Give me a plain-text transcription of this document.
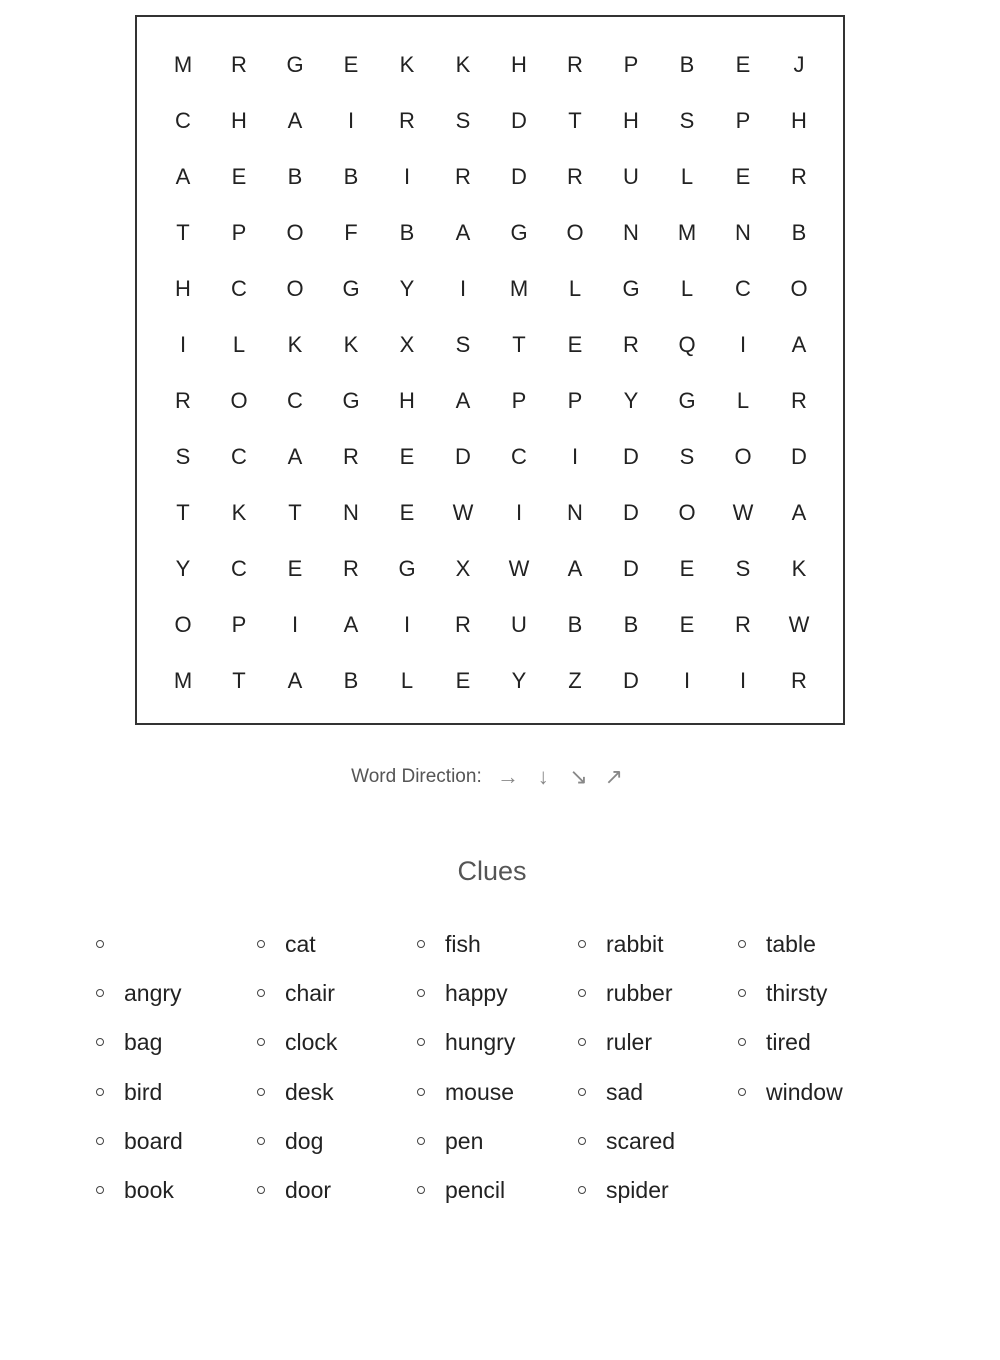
M	R	G	E	K	K	H	R	P	B	E	J
C	H	A	I	R	S	D	T	H	S	P	H
A	E	B	B	I	R	D	R	U	L	E	R
T	P	O	F	B	A	G	O	N	M	N	B
H	C	O	G	Y	I	M	L	G	L	C	O
I	L	K	K	X	S	T	E	R	Q	I	A
R	O	C	G	H	A	P	P	Y	G	L	R
S	C	A	R	E	D	C	I	D	S	O	D
T	K	T	N	E	W	I	N	D	O	W	A
Y	C	E	R	G	X	W	A	D	E	S	K
O	P	I	A	I	R	U	B	B	E	R	W
M	T	A	B	L	E	Y	Z	D	I	I	R
Word Direction: → ↓ ↘ ↗
Clues
angry
bag
bird
board
book
cat
chair
clock
desk
dog
door
fish
happy
hungry
mouse
pen
pencil
rabbit
rubber
ruler
sad
scared
spider
table
thirsty
tired
window
